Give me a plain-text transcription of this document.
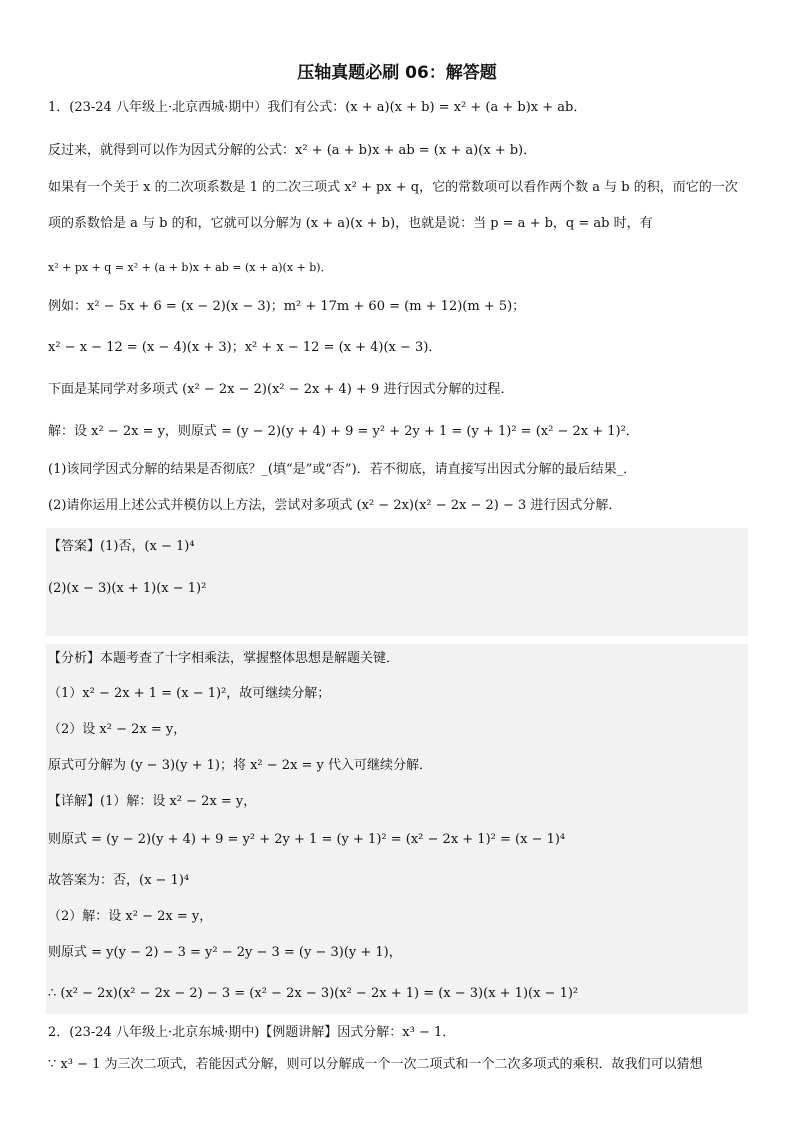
压轴真题必刷 06：解答题
1．(23-24 八年级上·北京西城·期中）我们有公式：(x + a)(x + b) = x² + (a + b)x + ab．
反过来，就得到可以作为因式分解的公式：x² + (a + b)x + ab = (x + a)(x + b)．
如果有一个关于 x 的二次项系数是 1 的二次三项式 x² + px + q，它的常数项可以看作两个数 a 与 b 的积，而它的一次
项的系数恰是 a 与 b 的和，它就可以分解为 (x + a)(x + b)，也就是说：当 p = a + b，q = ab 时，有
x² + px + q = x² + (a + b)x + ab = (x + a)(x + b)．
例如：x² − 5x + 6 = (x − 2)(x − 3)；m² + 17m + 60 = (m + 12)(m + 5)；
x² − x − 12 = (x − 4)(x + 3)；x² + x − 12 = (x + 4)(x − 3)．
下面是某同学对多项式 (x² − 2x − 2)(x² − 2x + 4) + 9 进行因式分解的过程．
解：设 x² − 2x = y，则原式 = (y − 2)(y + 4) + 9 = y² + 2y + 1 = (y + 1)² = (x² − 2x + 1)²．
(1)该同学因式分解的结果是否彻底？_(填“是”或“否”)．若不彻底，请直接写出因式分解的最后结果_．
(2)请你运用上述公式并模仿以上方法，尝试对多项式 (x² − 2x)(x² − 2x − 2) − 3 进行因式分解．
【答案】(1)否，(x − 1)⁴
(2)(x − 3)(x + 1)(x − 1)²
【分析】本题考查了十字相乘法，掌握整体思想是解题关键．
（1）x² − 2x + 1 = (x − 1)²，故可继续分解；
（2）设 x² − 2x = y，
原式可分解为 (y − 3)(y + 1)；将 x² − 2x = y 代入可继续分解．
【详解】(1）解：设 x² − 2x = y，
则原式 = (y − 2)(y + 4) + 9 = y² + 2y + 1 = (y + 1)² = (x² − 2x + 1)² = (x − 1)⁴
故答案为：否，(x − 1)⁴
（2）解：设 x² − 2x = y，
则原式 = y(y − 2) − 3 = y² − 2y − 3 = (y − 3)(y + 1)，
∴ (x² − 2x)(x² − 2x − 2) − 3 = (x² − 2x − 3)(x² − 2x + 1) = (x − 3)(x + 1)(x − 1)²
2．(23-24 八年级上·北京东城·期中)【例题讲解】因式分解：x³ − 1．
∵ x³ − 1 为三次二项式，若能因式分解，则可以分解成一个一次二项式和一个二次多项式的乘积．故我们可以猜想
